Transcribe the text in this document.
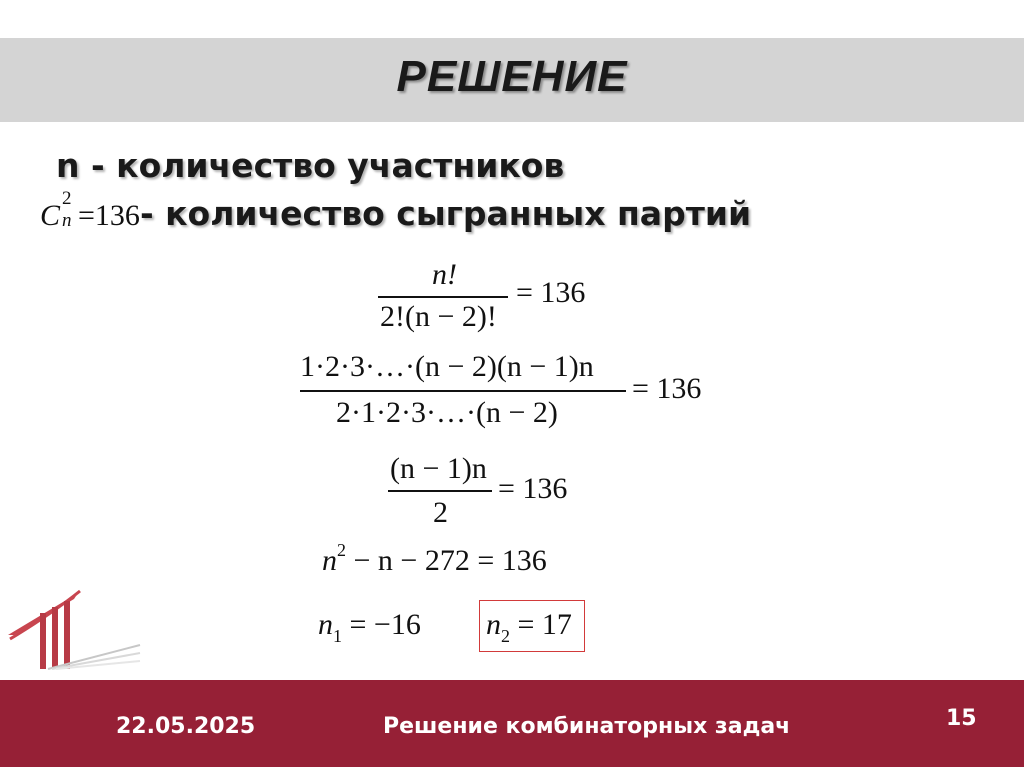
РЕШЕНИЕ
n - количество участников
C
2
n =136- количество сыгранных партий
n!
2!(n − 2)!
= 136
1·2·3·…·(n − 2)(n − 1)n
2·1·2·3·…·(n − 2)
= 136
(n − 1)n
2
= 136
$n^2 - n - 272 = 136$
$n_1 = -16$ $n_2 = 17$
22.05.2025	Решение комбинаторных задач	15
